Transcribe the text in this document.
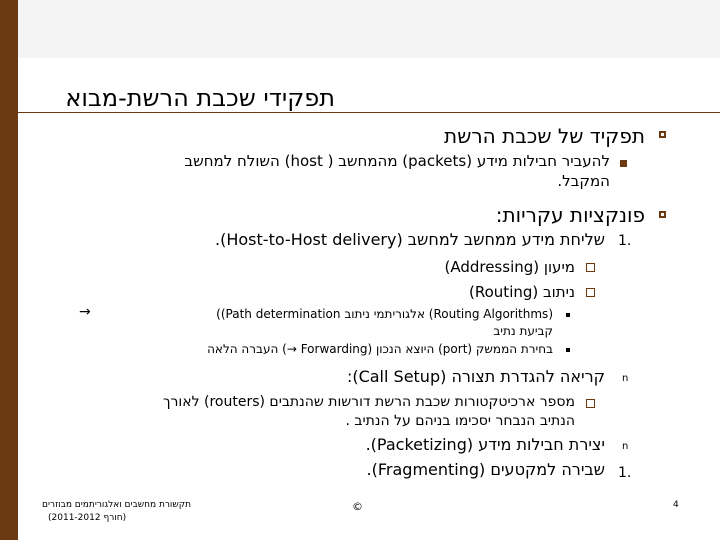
תפקידי שכבת הרשת-מבוא
תפקיד של שכבת הרשת
להעביר חבילות מידע (packets) מהמחשב ( host) השולח למחשב
המקבל.
פונקציות עקריות:
1.
שליחת מידע ממחשב למחשב (Host-to-Host delivery).
מיעון (Addressing)
ניתוב (Routing)
(Routing Algorithms) אלגוריתמי ניתוב Path determination))
→
קביעת נתיב
בחירת הממשק (port) היוצא הנכון (Forwarding →) העברה הלאה
n
קריאה להגדרת תצורה (Call Setup):
מספר ארכיטקטורות שכבת הרשת דורשות שהנתבים (routers) לאורך
הנתיב הנבחר יסכימו בניהם על הנתיב .
n
יצירת חבילות מידע (Packetizing).
1.
שבירה למקטעים (Fragmenting).
תקשורת מחשבים ואלגוריתמים מבוזרים
(חורף 2011-2012)
©	4
